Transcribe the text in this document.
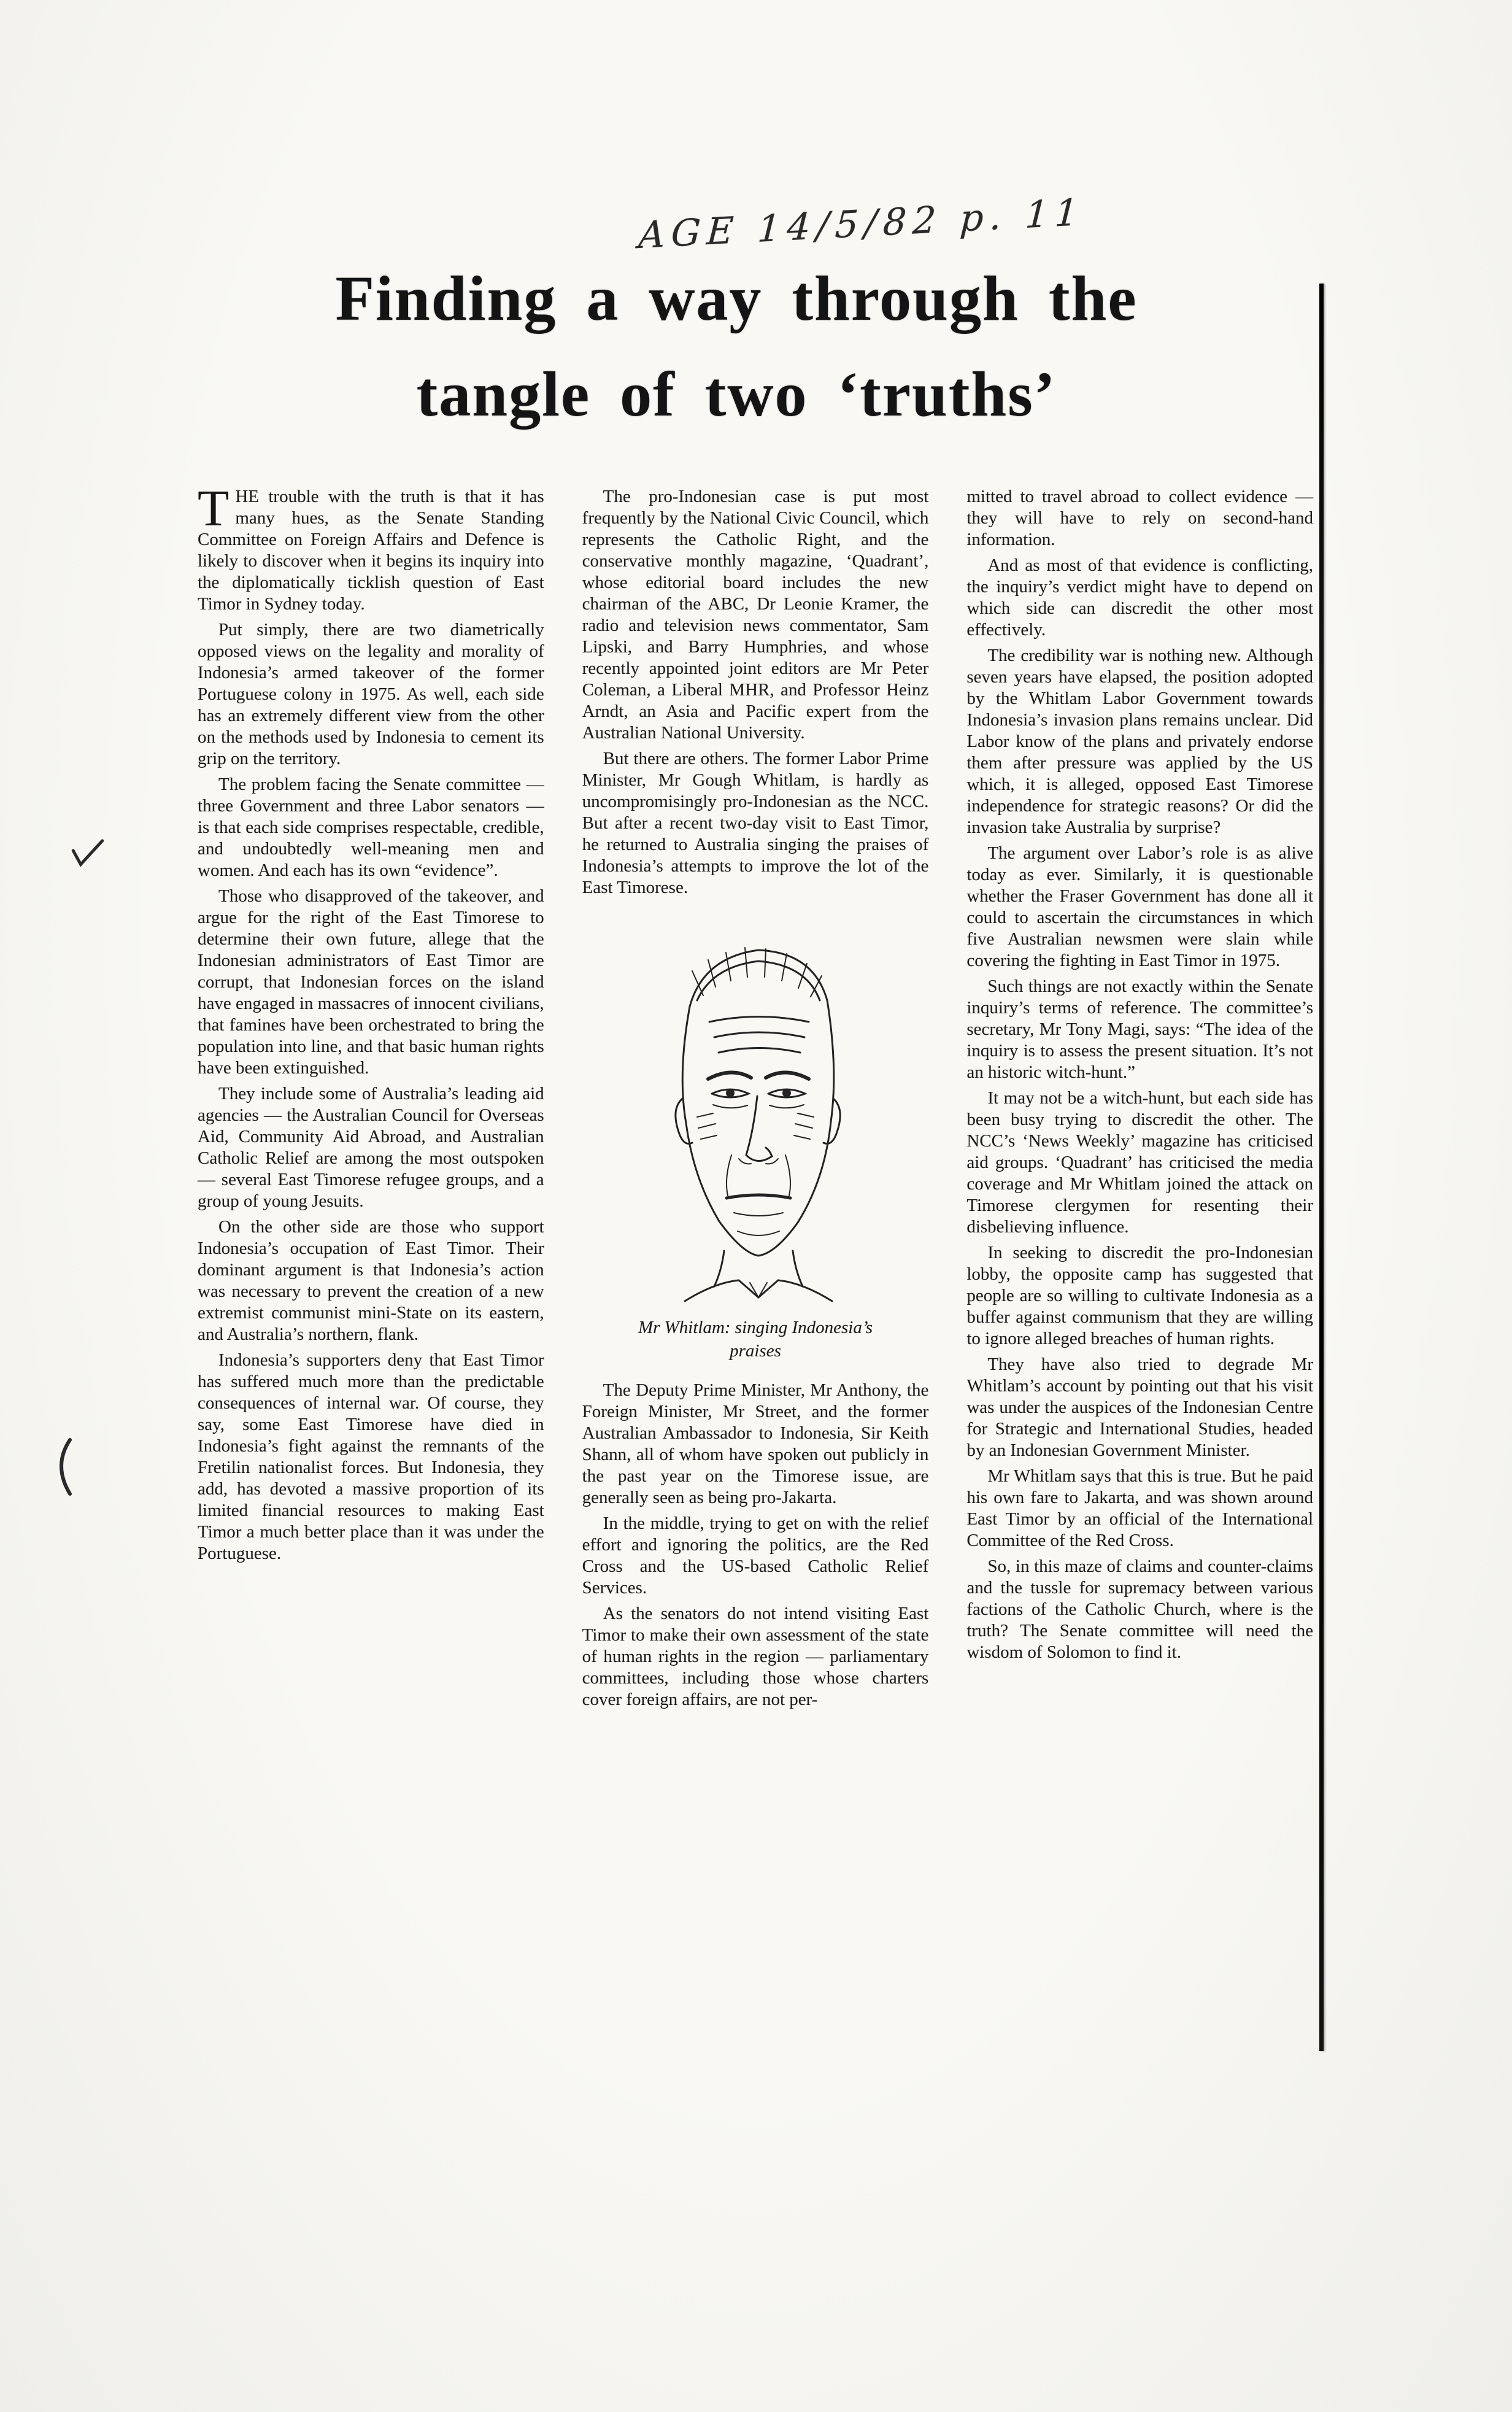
AGE 14/5/82 p. 11
Finding a way through the
tangle of two ‘truths’

THE trouble with the truth is that it has many hues, as the Senate Standing Committee on Foreign Affairs and Defence is likely to discover when it begins its inquiry into the diplomatically ticklish question of East Timor in Sydney today.

Put simply, there are two diametrically opposed views on the legality and morality of Indonesia’s armed takeover of the former Portuguese colony in 1975. As well, each side has an extremely different view from the other on the methods used by Indonesia to cement its grip on the territory.

The problem facing the Senate committee — three Government and three Labor senators — is that each side comprises respectable, credible, and undoubtedly well-meaning men and women. And each has its own “evidence”.

Those who disapproved of the takeover, and argue for the right of the East Timorese to determine their own future, allege that the Indonesian administrators of East Timor are corrupt, that Indonesian forces on the island have engaged in massacres of innocent civilians, that famines have been orchestrated to bring the population into line, and that basic human rights have been extinguished.

They include some of Australia’s leading aid agencies — the Australian Council for Overseas Aid, Community Aid Abroad, and Australian Catholic Relief are among the most outspoken — several East Timorese refugee groups, and a group of young Jesuits.

On the other side are those who support Indonesia’s occupation of East Timor. Their dominant argument is that Indonesia’s action was necessary to prevent the creation of a new extremist communist mini-State on its eastern, and Australia’s northern, flank.

Indonesia’s supporters deny that East Timor has suffered much more than the predictable consequences of internal war. Of course, they say, some East Timorese have died in Indonesia’s fight against the remnants of the Fretilin nationalist forces. But Indonesia, they add, has devoted a massive proportion of its limited financial resources to making East Timor a much better place than it was under the Portuguese.

The pro-Indonesian case is put most frequently by the National Civic Council, which represents the Catholic Right, and the conservative monthly magazine, ‘Quadrant’, whose editorial board includes the new chairman of the ABC, Dr Leonie Kramer, the radio and television news commentator, Sam Lipski, and Barry Humphries, and whose recently appointed joint editors are Mr Peter Coleman, a Liberal MHR, and Professor Heinz Arndt, an Asia and Pacific expert from the Australian National University.

But there are others. The former Labor Prime Minister, Mr Gough Whitlam, is hardly as uncompromisingly pro-Indonesian as the NCC. But after a recent two-day visit to East Timor, he returned to Australia singing the praises of Indonesia’s attempts to improve the lot of the East Timorese.

Mr Whitlam: singing Indonesia’s praises

The Deputy Prime Minister, Mr Anthony, the Foreign Minister, Mr Street, and the former Australian Ambassador to Indonesia, Sir Keith Shann, all of whom have spoken out publicly in the past year on the Timorese issue, are generally seen as being pro-Jakarta.

In the middle, trying to get on with the relief effort and ignoring the politics, are the Red Cross and the US-based Catholic Relief Services.

As the senators do not intend visiting East Timor to make their own assessment of the state of human rights in the region — parliamentary committees, including those whose charters cover foreign affairs, are not per-

mitted to travel abroad to collect evidence — they will have to rely on second-hand information.

And as most of that evidence is conflicting, the inquiry’s verdict might have to depend on which side can discredit the other most effectively.

The credibility war is nothing new. Although seven years have elapsed, the position adopted by the Whitlam Labor Government towards Indonesia’s invasion plans remains unclear. Did Labor know of the plans and privately endorse them after pressure was applied by the US which, it is alleged, opposed East Timorese independence for strategic reasons? Or did the invasion take Australia by surprise?

The argument over Labor’s role is as alive today as ever. Similarly, it is questionable whether the Fraser Government has done all it could to ascertain the circumstances in which five Australian newsmen were slain while covering the fighting in East Timor in 1975.

Such things are not exactly within the Senate inquiry’s terms of reference. The committee’s secretary, Mr Tony Magi, says: “The idea of the inquiry is to assess the present situation. It’s not an historic witch-hunt.”

It may not be a witch-hunt, but each side has been busy trying to discredit the other. The NCC’s ‘News Weekly’ magazine has criticised aid groups. ‘Quadrant’ has criticised the media coverage and Mr Whitlam joined the attack on Timorese clergymen for resenting their disbelieving influence.

In seeking to discredit the pro-Indonesian lobby, the opposite camp has suggested that people are so willing to cultivate Indonesia as a buffer against communism that they are willing to ignore alleged breaches of human rights.

They have also tried to degrade Mr Whitlam’s account by pointing out that his visit was under the auspices of the Indonesian Centre for Strategic and International Studies, headed by an Indonesian Government Minister.

Mr Whitlam says that this is true. But he paid his own fare to Jakarta, and was shown around East Timor by an official of the International Committee of the Red Cross.

So, in this maze of claims and counter-claims and the tussle for supremacy between various factions of the Catholic Church, where is the truth? The Senate committee will need the wisdom of Solomon to find it.
